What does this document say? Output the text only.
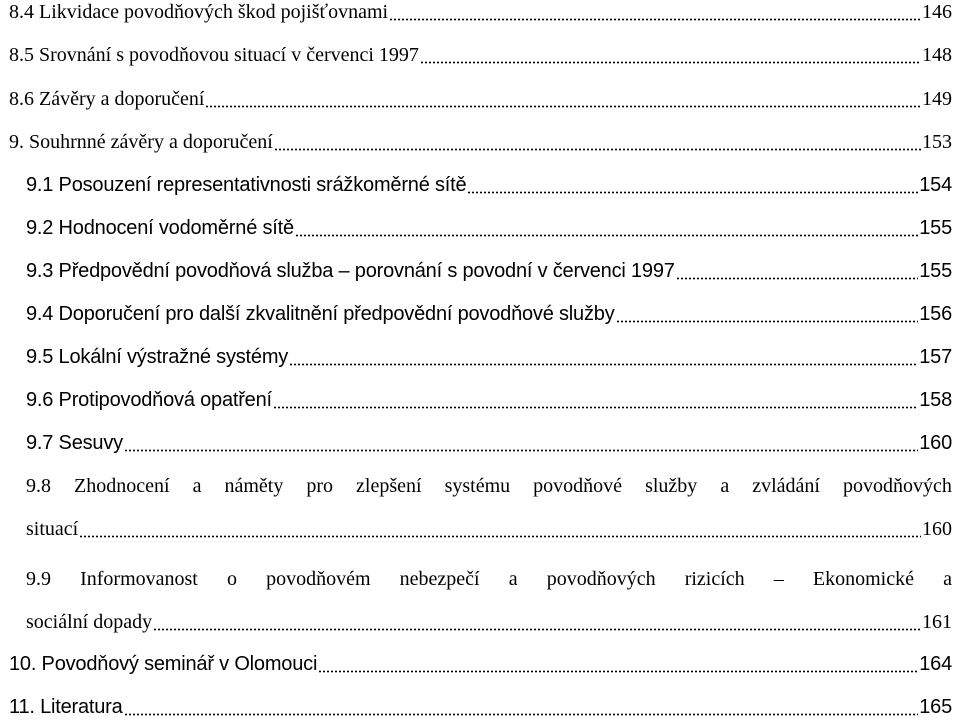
8.4 Likvidace povodňových škod pojišťovnami	146
8.5 Srovnání s povodňovou situací v červenci 1997	148
8.6 Závěry a doporučení	149
9. Souhrnné závěry a doporučení	153
9.1 Posouzení representativnosti srážkoměrné sítě	154
9.2 Hodnocení vodoměrné sítě	155
9.3 Předpovědní povodňová služba – porovnání s povodní v červenci 1997	155
9.4 Doporučení pro další zkvalitnění předpovědní povodňové služby	156
9.5 Lokální výstražné systémy	157
9.6 Protipovodňová opatření	158
9.7 Sesuvy	160
9.8 Zhodnocení a náměty pro zlepšení systému povodňové služby a zvládání povodňových
situací	160
9.9 Informovanost o povodňovém nebezpečí a povodňových rizicích – Ekonomické a
sociální dopady	161
10. Povodňový seminář v Olomouci	164
11. Literatura	165
